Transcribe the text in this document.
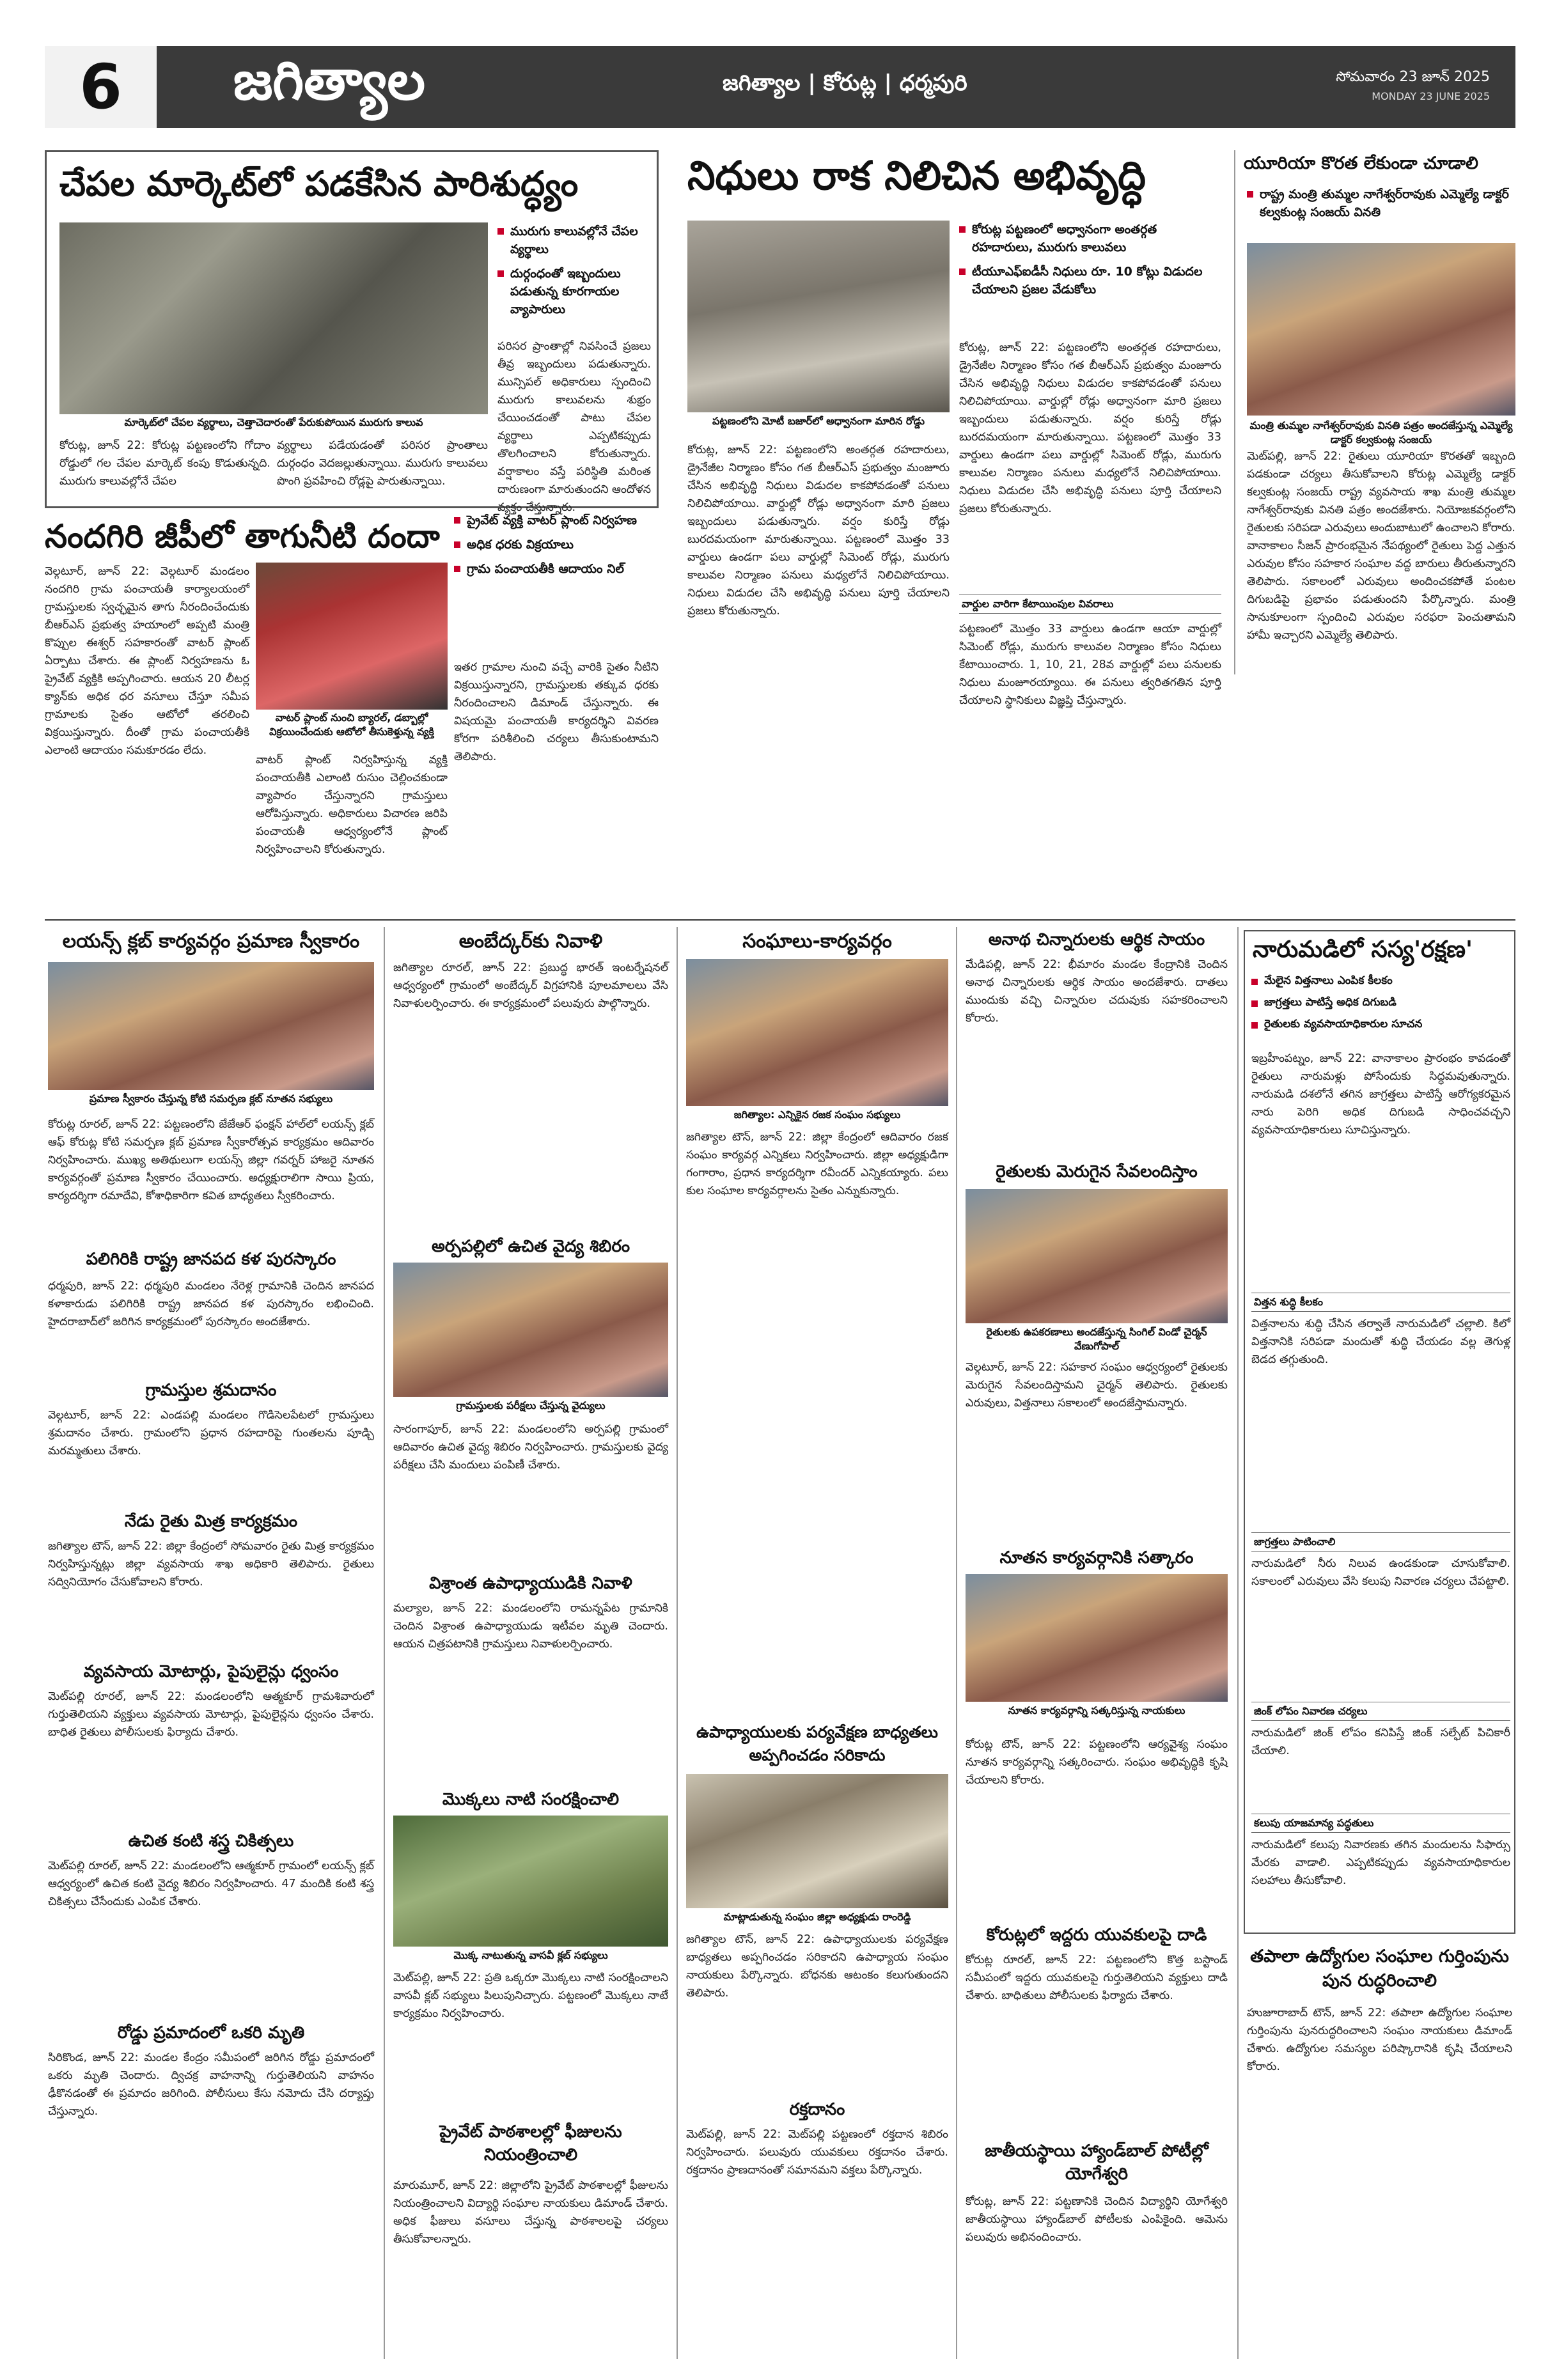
6	జగిత్యాల	జగిత్యాల | కోరుట్ల | ధర్మపురి	సోమవారం 23 జూన్ 2025
MONDAY 23 JUNE 2025
చేపల మార్కెట్‌లో పడకేసిన పారిశుద్ధ్యం
మార్కెట్‌లో చేపల వ్యర్థాలు, చెత్తాచెదారంతో పేరుకుపోయిన మురుగు కాలువ
మురుగు కాలువల్లోనే చేపల వ్యర్థాలు
దుర్గంధంతో ఇబ్బందులు పడుతున్న కూరగాయల వ్యాపారులు
పరిసర ప్రాంతాల్లో నివసించే ప్రజలు తీవ్ర ఇబ్బందులు పడుతున్నారు. మున్సిపల్ అధికారులు స్పందించి మురుగు కాలువలను శుభ్రం చేయించడంతో పాటు చేపల వ్యర్థాలు ఎప్పటికప్పుడు తొలగించాలని కోరుతున్నారు. వర్షాకాలం వస్తే పరిస్థితి మరింత దారుణంగా మారుతుందని ఆందోళన వ్యక్తం చేస్తున్నారు.
కోరుట్ల, జూన్ 22: కోరుట్ల పట్టణంలోని గోదాం రోడ్డులో గల చేపల మార్కెట్ కంపు కొడుతున్నది. మురుగు కాలువల్లోనే చేపల
వ్యర్థాలు పడేయడంతో పరిసర ప్రాంతాలు దుర్గంధం వెదజల్లుతున్నాయి. మురుగు కాలువలు పొంగి ప్రవహించి రోడ్లపై పారుతున్నాయి.
నిధులు రాక నిలిచిన అభివృద్ధి
పట్టణంలోని మోటీ బజార్‌లో అధ్వానంగా మారిన రోడ్డు
కోరుట్ల పట్టణంలో అధ్వానంగా అంతర్గత రహదారులు, మురుగు కాలువలు
టీయూఎఫ్ఐడీసీ నిధులు రూ. 10 కోట్లు విడుదల చేయాలని ప్రజల వేడుకోలు
కోరుట్ల, జూన్ 22: పట్టణంలోని అంతర్గత రహదారులు, డ్రైనేజీల నిర్మాణం కోసం గత బీఆర్ఎస్ ప్రభుత్వం మంజూరు చేసిన అభివృద్ధి నిధులు విడుదల కాకపోవడంతో పనులు నిలిచిపోయాయి. వార్డుల్లో రోడ్లు అధ్వానంగా మారి ప్రజలు ఇబ్బందులు పడుతున్నారు. వర్షం కురిస్తే రోడ్లు బురదమయంగా మారుతున్నాయి. పట్టణంలో మొత్తం 33 వార్డులు ఉండగా పలు వార్డుల్లో సిమెంట్ రోడ్లు, మురుగు కాలువల నిర్మాణం పనులు మధ్యలోనే నిలిచిపోయాయి. నిధులు విడుదల చేసి అభివృద్ధి పనులు పూర్తి చేయాలని ప్రజలు కోరుతున్నారు.
కోరుట్ల, జూన్ 22: పట్టణంలోని అంతర్గత రహదారులు, డ్రైనేజీల నిర్మాణం కోసం గత బీఆర్ఎస్ ప్రభుత్వం మంజూరు చేసిన అభివృద్ధి నిధులు విడుదల కాకపోవడంతో పనులు నిలిచిపోయాయి. వార్డుల్లో రోడ్లు అధ్వానంగా మారి ప్రజలు ఇబ్బందులు పడుతున్నారు. వర్షం కురిస్తే రోడ్లు బురదమయంగా మారుతున్నాయి. పట్టణంలో మొత్తం 33 వార్డులు ఉండగా పలు వార్డుల్లో సిమెంట్ రోడ్లు, మురుగు కాలువల నిర్మాణం పనులు మధ్యలోనే నిలిచిపోయాయి. నిధులు విడుదల చేసి అభివృద్ధి పనులు పూర్తి చేయాలని ప్రజలు కోరుతున్నారు.
వార్డుల వారిగా కేటాయింపుల వివరాలు
పట్టణంలో మొత్తం 33 వార్డులు ఉండగా ఆయా వార్డుల్లో సిమెంట్ రోడ్లు, మురుగు కాలువల నిర్మాణం కోసం నిధులు కేటాయించారు. 1, 10, 21, 28వ వార్డుల్లో పలు పనులకు నిధులు మంజూరయ్యాయి. ఈ పనులు త్వరితగతిన పూర్తి చేయాలని స్థానికులు విజ్ఞప్తి చేస్తున్నారు.
యూరియా కొరత లేకుండా చూడాలి
రాష్ట్ర మంత్రి తుమ్మల నాగేశ్వర్‌రావుకు ఎమ్మెల్యే డాక్టర్ కల్వకుంట్ల సంజయ్ వినతి
మంత్రి తుమ్మల నాగేశ్వర్‌రావుకు వినతి పత్రం అందజేస్తున్న ఎమ్మెల్యే డాక్టర్ కల్వకుంట్ల సంజయ్
మెట్‌పల్లి, జూన్ 22: రైతులు యూరియా కొరతతో ఇబ్బంది పడకుండా చర్యలు తీసుకోవాలని కోరుట్ల ఎమ్మెల్యే డాక్టర్ కల్వకుంట్ల సంజయ్ రాష్ట్ర వ్యవసాయ శాఖ మంత్రి తుమ్మల నాగేశ్వర్‌రావుకు వినతి పత్రం అందజేశారు. నియోజకవర్గంలోని రైతులకు సరిపడా ఎరువులు అందుబాటులో ఉంచాలని కోరారు. వానాకాలం సీజన్ ప్రారంభమైన నేపథ్యంలో రైతులు పెద్ద ఎత్తున ఎరువుల కోసం సహకార సంఘాల వద్ద బారులు తీరుతున్నారని తెలిపారు. సకాలంలో ఎరువులు అందించకపోతే పంటల దిగుబడిపై ప్రభావం పడుతుందని పేర్కొన్నారు. మంత్రి సానుకూలంగా స్పందించి ఎరువుల సరఫరా పెంచుతామని హామీ ఇచ్చారని ఎమ్మెల్యే తెలిపారు.
నందగిరి జీపీలో తాగునీటి దందా	ప్రైవేట్ వ్యక్తి వాటర్ ప్లాంట్ నిర్వహణ
అధిక ధరకు విక్రయాలు
గ్రామ పంచాయతీకి ఆదాయం నిల్
వెల్గటూర్, జూన్ 22: వెల్గటూర్ మండలం నందగిరి గ్రామ పంచాయతీ కార్యాలయంలో గ్రామస్తులకు స్వచ్ఛమైన తాగు నీరందించేందుకు బీఆర్ఎస్ ప్రభుత్వ హయాంలో అప్పటి మంత్రి కొప్పుల ఈశ్వర్ సహకారంతో వాటర్ ప్లాంట్ ఏర్పాటు చేశారు. ఈ ప్లాంట్ నిర్వహణను ఓ ప్రైవేట్ వ్యక్తికి అప్పగించారు. ఆయన 20 లీటర్ల క్యాన్‌కు అధిక ధర వసూలు చేస్తూ సమీప గ్రామాలకు సైతం ఆటోలో తరలించి విక్రయిస్తున్నారు. దీంతో గ్రామ పంచాయతీకి ఎలాంటి ఆదాయం సమకూరడం లేదు.
వాటర్ ప్లాంట్ నుంచి బ్యారల్, డబ్బాల్లో విక్రయించేందుకు ఆటోలో తీసుకెళ్తున్న వ్యక్తి
వాటర్ ప్లాంట్ నిర్వహిస్తున్న వ్యక్తి పంచాయతీకి ఎలాంటి రుసుం చెల్లించకుండా వ్యాపారం చేస్తున్నారని గ్రామస్తులు ఆరోపిస్తున్నారు. అధికారులు విచారణ జరిపి పంచాయతీ ఆధ్వర్యంలోనే ప్లాంట్ నిర్వహించాలని కోరుతున్నారు.
ఇతర గ్రామాల నుంచి వచ్చే వారికి సైతం నీటిని విక్రయిస్తున్నారని, గ్రామస్తులకు తక్కువ ధరకు నీరందించాలని డిమాండ్ చేస్తున్నారు. ఈ విషయమై పంచాయతీ కార్యదర్శిని వివరణ కోరగా పరిశీలించి చర్యలు తీసుకుంటామని తెలిపారు.
లయన్స్ క్లబ్ కార్యవర్గం ప్రమాణ స్వీకారం
ప్రమాణ స్వీకారం చేస్తున్న కోటి సమర్పణ క్లబ్ నూతన సభ్యులు
కోరుట్ల రూరల్, జూన్ 22: పట్టణంలోని జేజేఆర్ ఫంక్షన్ హాల్‌లో లయన్స్ క్లబ్ ఆఫ్ కోరుట్ల కోటి సమర్పణ క్లబ్ ప్రమాణ స్వీకారోత్సవ కార్యక్రమం ఆదివారం నిర్వహించారు. ముఖ్య అతిథులుగా లయన్స్ జిల్లా గవర్నర్ హాజరై నూతన కార్యవర్గంతో ప్రమాణ స్వీకారం చేయించారు. అధ్యక్షురాలిగా సాయి ప్రియ, కార్యదర్శిగా రమాదేవి, కోశాధికారిగా కవిత బాధ్యతలు స్వీకరించారు.
పలిగిరికి రాష్ట్ర జానపద కళ పురస్కారం
ధర్మపురి, జూన్ 22: ధర్మపురి మండలం నేరెళ్ల గ్రామానికి చెందిన జానపద కళాకారుడు పలిగిరికి రాష్ట్ర జానపద కళ పురస్కారం లభించింది. హైదరాబాద్‌లో జరిగిన కార్యక్రమంలో పురస్కారం అందజేశారు.
గ్రామస్తుల శ్రమదానం
వెల్గటూర్, జూన్ 22: ఎండపల్లి మండలం గొడిసెలపేటలో గ్రామస్తులు శ్రమదానం చేశారు. గ్రామంలోని ప్రధాన రహదారిపై గుంతలను పూడ్చి మరమ్మతులు చేశారు.
నేడు రైతు మిత్ర కార్యక్రమం
జగిత్యాల టౌన్, జూన్ 22: జిల్లా కేంద్రంలో సోమవారం రైతు మిత్ర కార్యక్రమం నిర్వహిస్తున్నట్లు జిల్లా వ్యవసాయ శాఖ అధికారి తెలిపారు. రైతులు సద్వినియోగం చేసుకోవాలని కోరారు.
వ్యవసాయ మోటార్లు, పైపులైన్లు ధ్వంసం
మెట్‌పల్లి రూరల్, జూన్ 22: మండలంలోని ఆత్మకూర్ గ్రామశివారులో గుర్తుతెలియని వ్యక్తులు వ్యవసాయ మోటార్లు, పైపులైన్లను ధ్వంసం చేశారు. బాధిత రైతులు పోలీసులకు ఫిర్యాదు చేశారు.
ఉచిత కంటి శస్త్ర చికిత్సలు
మెట్‌పల్లి రూరల్, జూన్ 22: మండలంలోని ఆత్మకూర్ గ్రామంలో లయన్స్ క్లబ్ ఆధ్వర్యంలో ఉచిత కంటి వైద్య శిబిరం నిర్వహించారు. 47 మందికి కంటి శస్త్ర చికిత్సలు చేసేందుకు ఎంపిక చేశారు.
రోడ్డు ప్రమాదంలో ఒకరి మృతి
సిరికొండ, జూన్ 22: మండల కేంద్రం సమీపంలో జరిగిన రోడ్డు ప్రమాదంలో ఒకరు మృతి చెందారు. ద్విచక్ర వాహనాన్ని గుర్తుతెలియని వాహనం ఢీకొనడంతో ఈ ప్రమాదం జరిగింది. పోలీసులు కేసు నమోదు చేసి దర్యాప్తు చేస్తున్నారు.
అంబేద్కర్‌కు నివాళి
జగిత్యాల రూరల్, జూన్ 22: ప్రబుద్ధ భారత్ ఇంటర్నేషనల్ ఆధ్వర్యంలో గ్రామంలో అంబేద్కర్ విగ్రహానికి పూలమాలలు వేసి నివాళులర్పించారు. ఈ కార్యక్రమంలో పలువురు పాల్గొన్నారు.
అర్పపల్లిలో ఉచిత వైద్య శిబిరం
గ్రామస్తులకు పరీక్షలు చేస్తున్న వైద్యులు
సారంగాపూర్, జూన్ 22: మండలంలోని అర్పపల్లి గ్రామంలో ఆదివారం ఉచిత వైద్య శిబిరం నిర్వహించారు. గ్రామస్తులకు వైద్య పరీక్షలు చేసి మందులు పంపిణీ చేశారు.
విశ్రాంత ఉపాధ్యాయుడికి నివాళి
మల్యాల, జూన్ 22: మండలంలోని రామన్నపేట గ్రామానికి చెందిన విశ్రాంత ఉపాధ్యాయుడు ఇటీవల మృతి చెందారు. ఆయన చిత్రపటానికి గ్రామస్తులు నివాళులర్పించారు.
మొక్కలు నాటి సంరక్షించాలి
మొక్క నాటుతున్న వాసవీ క్లబ్ సభ్యులు
మెట్‌పల్లి, జూన్ 22: ప్రతి ఒక్కరూ మొక్కలు నాటి సంరక్షించాలని వాసవీ క్లబ్ సభ్యులు పిలుపునిచ్చారు. పట్టణంలో మొక్కలు నాటే కార్యక్రమం నిర్వహించారు.
ప్రైవేట్ పాఠశాలల్లో ఫీజులను నియంత్రించాలి
మారుమూర్, జూన్ 22: జిల్లాలోని ప్రైవేట్ పాఠశాలల్లో ఫీజులను నియంత్రించాలని విద్యార్థి సంఘాల నాయకులు డిమాండ్ చేశారు. అధిక ఫీజులు వసూలు చేస్తున్న పాఠశాలలపై చర్యలు తీసుకోవాలన్నారు.
సంఘాలు-కార్యవర్గం
జగిత్యాల: ఎన్నికైన రజక సంఘం సభ్యులు
జగిత్యాల టౌన్, జూన్ 22: జిల్లా కేంద్రంలో ఆదివారం రజక సంఘం కార్యవర్గ ఎన్నికలు నిర్వహించారు. జిల్లా అధ్యక్షుడిగా గంగారాం, ప్రధాన కార్యదర్శిగా రవీందర్ ఎన్నికయ్యారు. పలు కుల సంఘాల కార్యవర్గాలను సైతం ఎన్నుకున్నారు.
ఉపాధ్యాయులకు పర్యవేక్షణ బాధ్యతలు అప్పగించడం సరికాదు
మాట్లాడుతున్న సంఘం జిల్లా అధ్యక్షుడు రాంరెడ్డి
జగిత్యాల టౌన్, జూన్ 22: ఉపాధ్యాయులకు పర్యవేక్షణ బాధ్యతలు అప్పగించడం సరికాదని ఉపాధ్యాయ సంఘం నాయకులు పేర్కొన్నారు. బోధనకు ఆటంకం కలుగుతుందని తెలిపారు.
రక్తదానం
మెట్‌పల్లి, జూన్ 22: మెట్‌పల్లి పట్టణంలో రక్తదాన శిబిరం నిర్వహించారు. పలువురు యువకులు రక్తదానం చేశారు. రక్తదానం ప్రాణదానంతో సమానమని వక్తలు పేర్కొన్నారు.
అనాథ చిన్నారులకు ఆర్థిక సాయం
మేడిపల్లి, జూన్ 22: భీమారం మండల కేంద్రానికి చెందిన అనాథ చిన్నారులకు ఆర్థిక సాయం అందజేశారు. దాతలు ముందుకు వచ్చి చిన్నారుల చదువుకు సహకరించాలని కోరారు.
రైతులకు మెరుగైన సేవలందిస్తాం
రైతులకు ఉపకరణాలు అందజేస్తున్న సింగిల్ విండో చైర్మన్ వేణుగోపాల్
వెల్గటూర్, జూన్ 22: సహకార సంఘం ఆధ్వర్యంలో రైతులకు మెరుగైన సేవలందిస్తామని చైర్మన్ తెలిపారు. రైతులకు ఎరువులు, విత్తనాలు సకాలంలో అందజేస్తామన్నారు.
నూతన కార్యవర్గానికి సత్కారం
నూతన కార్యవర్గాన్ని సత్కరిస్తున్న నాయకులు
కోరుట్ల టౌన్, జూన్ 22: పట్టణంలోని ఆర్యవైశ్య సంఘం నూతన కార్యవర్గాన్ని సత్కరించారు. సంఘం అభివృద్ధికి కృషి చేయాలని కోరారు.
కోరుట్లలో ఇద్దరు యువకులపై దాడి
కోరుట్ల రూరల్, జూన్ 22: పట్టణంలోని కొత్త బస్టాండ్ సమీపంలో ఇద్దరు యువకులపై గుర్తుతెలియని వ్యక్తులు దాడి చేశారు. బాధితులు పోలీసులకు ఫిర్యాదు చేశారు.
జాతీయస్థాయి హ్యాండ్‌బాల్ పోటీల్లో యోగేశ్వరి
కోరుట్ల, జూన్ 22: పట్టణానికి చెందిన విద్యార్థిని యోగేశ్వరి జాతీయస్థాయి హ్యాండ్‌బాల్ పోటీలకు ఎంపికైంది. ఆమెను పలువురు అభినందించారు.
నారుమడిలో సస్య'రక్షణ'
మేలైన విత్తనాలు ఎంపిక కీలకం
జాగ్రత్తలు పాటిస్తే అధిక దిగుబడి
రైతులకు వ్యవసాయాధికారుల సూచన
ఇబ్రహీంపట్నం, జూన్ 22: వానాకాలం ప్రారంభం కావడంతో రైతులు నారుమళ్లు పోసేందుకు సిద్ధమవుతున్నారు. నారుమడి దశలోనే తగిన జాగ్రత్తలు పాటిస్తే ఆరోగ్యకరమైన నారు పెరిగి అధిక దిగుబడి సాధించవచ్చని వ్యవసాయాధికారులు సూచిస్తున్నారు.
విత్తన శుద్ధి కీలకం
విత్తనాలను శుద్ధి చేసిన తర్వాతే నారుమడిలో చల్లాలి. కిలో విత్తనానికి సరిపడా మందుతో శుద్ధి చేయడం వల్ల తెగుళ్ల బెడద తగ్గుతుంది.
జాగ్రత్తలు పాటించాలి
నారుమడిలో నీరు నిలువ ఉండకుండా చూసుకోవాలి. సకాలంలో ఎరువులు వేసి కలుపు నివారణ చర్యలు చేపట్టాలి.
జింక్ లోపం నివారణ చర్యలు
నారుమడిలో జింక్ లోపం కనిపిస్తే జింక్ సల్ఫేట్ పిచికారీ చేయాలి.
కలుపు యాజమాన్య పద్ధతులు
నారుమడిలో కలుపు నివారణకు తగిన మందులను సిఫార్సు మేరకు వాడాలి. ఎప్పటికప్పుడు వ్యవసాయాధికారుల సలహాలు తీసుకోవాలి.
తపాలా ఉద్యోగుల సంఘాల గుర్తింపును పున రుద్ధరించాలి
హుజూరాబాద్ టౌన్, జూన్ 22: తపాలా ఉద్యోగుల సంఘాల గుర్తింపును పునరుద్ధరించాలని సంఘం నాయకులు డిమాండ్ చేశారు. ఉద్యోగుల సమస్యల పరిష్కారానికి కృషి చేయాలని కోరారు.
